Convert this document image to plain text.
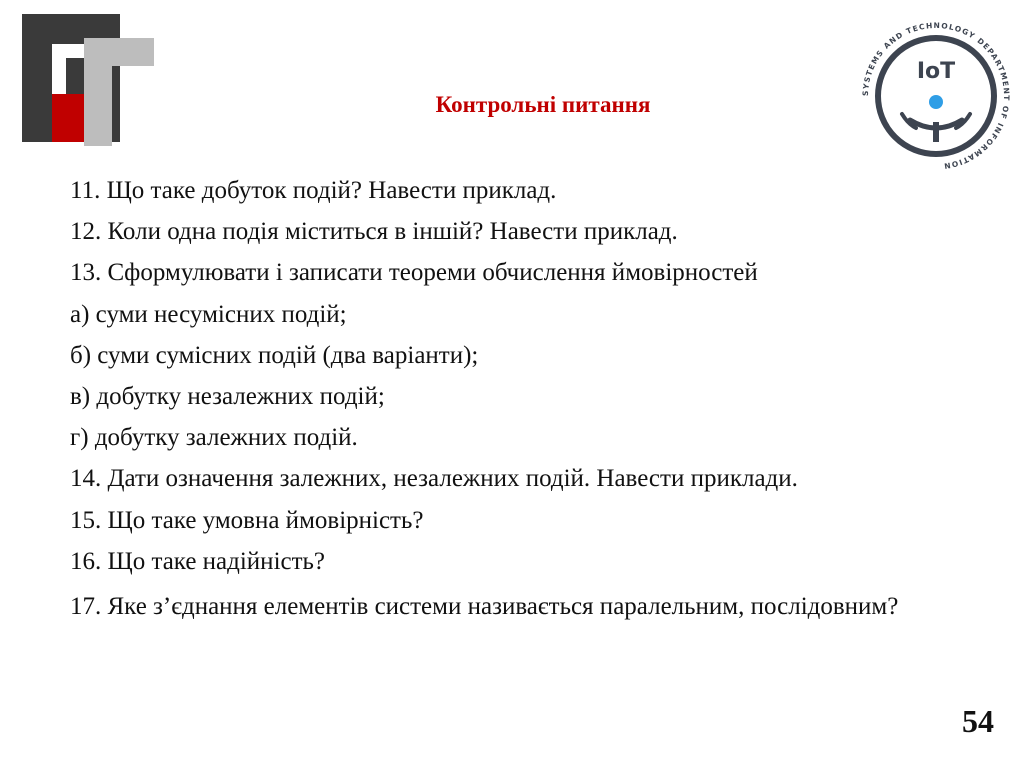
SYSTEMS AND TECHNOLOGY DEPARTMENT OF INFORMATION
IoT
Контрольні питання

11. Що таке добуток подій? Навести приклад.

12. Коли одна подія міститься в іншій? Навести приклад.

13. Сформулювати і записати теореми обчислення ймовірностей

а) суми несумісних подій;

б) суми сумісних подій (два варіанти);

в) добутку незалежних подій;

г) добутку залежних подій.

14. Дати означення залежних, незалежних подій. Навести приклади.

15. Що таке умовна ймовірність?

16. Що таке надійність?

17. Яке з’єднання елементів системи називається паралельним, послідовним?

54
